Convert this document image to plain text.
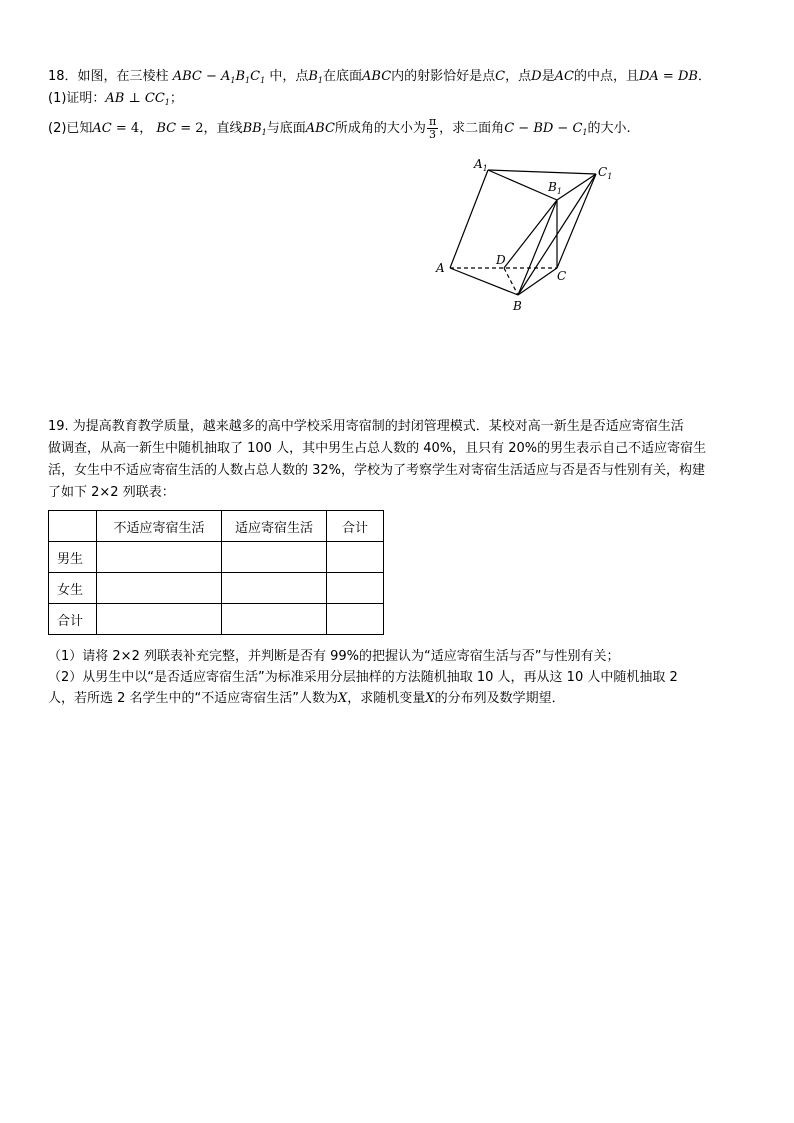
18．如图，在三棱柱 ABC − $A_1B_1C_1$ 中，点$B_1$在底面ABC内的射影恰好是点C，点D是AC的中点，且DA = DB．
(1)证明：AB ⊥ $CC_1$；
(2)已知AC = 4， BC = 2，直线$BB_1$与底面ABC所成角的大小为 $\frac{\pi}{3}$ ，求二面角C − BD − $C_1$的大小.
$A_1$	$C_1$
$B_1$
A
D
C
B
19. 为提高教育教学质量，越来越多的高中学校采用寄宿制的封闭管理模式．某校对高一新生是否适应寄宿生活
做调查，从高一新生中随机抽取了 100 人，其中男生占总人数的 40%，且只有 20%的男生表示自己不适应寄宿生
活，女生中不适应寄宿生活的人数占总人数的 32%，学校为了考察学生对寄宿生活适应与否是否与性别有关，构建
了如下 2×2 列联表：
	不适应寄宿生活	适应寄宿生活	合计
男生			
女生			
合计			
（1）请将 2×2 列联表补充完整，并判断是否有 99%的把握认为“适应寄宿生活与否”与性别有关；
（2）从男生中以“是否适应寄宿生活”为标准采用分层抽样的方法随机抽取 10 人，再从这 10 人中随机抽取 2
人，若所选 2 名学生中的“不适应寄宿生活”人数为X，求随机变量X的分布列及数学期望．
